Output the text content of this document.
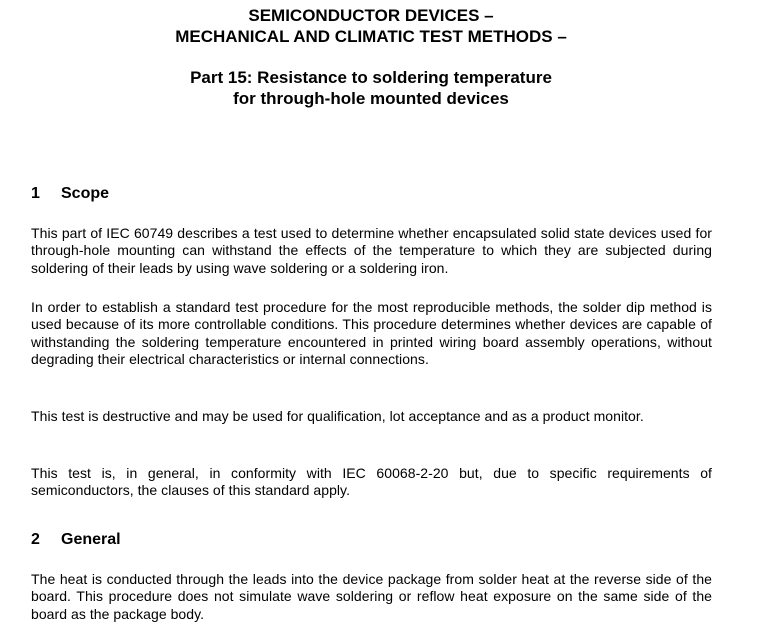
SEMICONDUCTOR DEVICES –
MECHANICAL AND CLIMATIC TEST METHODS –
Part 15: Resistance to soldering temperature
for through-hole mounted devices
1 Scope

This part of IEC 60749 describes a test used to determine whether encapsulated solid state devices used for through-hole mounting can withstand the effects of the temperature to which they are subjected during soldering of their leads by using wave soldering or a soldering iron.

In order to establish a standard test procedure for the most reproducible methods, the solder dip method is used because of its more controllable conditions. This procedure determines whether devices are capable of withstanding the soldering temperature encountered in printed wiring board assembly operations, without degrading their electrical characteristics or internal connections.

This test is destructive and may be used for qualification, lot acceptance and as a product monitor.

This test is, in general, in conformity with IEC 60068-2-20 but, due to specific requirements of semiconductors, the clauses of this standard apply.

2 General

The heat is conducted through the leads into the device package from solder heat at the reverse side of the board. This procedure does not simulate wave soldering or reflow heat exposure on the same side of the board as the package body.
